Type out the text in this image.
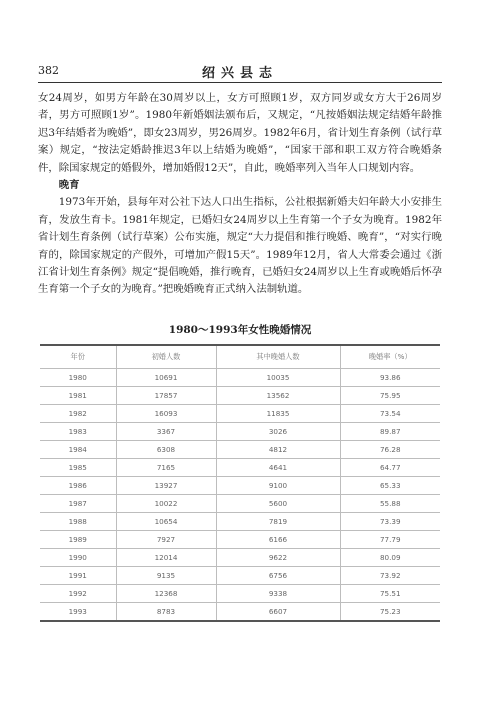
382	绍兴县志

女24周岁，如男方年龄在30周岁以上，女方可照顾1岁，双方同岁或女方大于26周岁者，男方可照顾1岁”。1980年新婚姻法颁布后，又规定，“凡按婚姻法规定结婚年龄推迟3年结婚者为晚婚”，即女23周岁，男26周岁。1982年6月，省计划生育条例（试行草案）规定，“按法定婚龄推迟3年以上结婚为晚婚”，“国家干部和职工双方符合晚婚条件，除国家规定的婚假外，增加婚假12天”，自此，晚婚率列入当年人口规划内容。

晚育

1973年开始，县每年对公社下达人口出生指标，公社根据新婚夫妇年龄大小安排生育，发放生育卡。1981年规定，已婚妇女24周岁以上生育第一个子女为晚育。1982年省计划生育条例（试行草案）公布实施，规定“大力提倡和推行晚婚、晚育”，“对实行晚育的，除国家规定的产假外，可增加产假15天”。1989年12月，省人大常委会通过《浙江省计划生育条例》规定“提倡晚婚，推行晚育，已婚妇女24周岁以上生育或晚婚后怀孕生育第一个子女的为晚育。”把晚婚晚育正式纳入法制轨道。

1980～1993年女性晚婚情况
年份	初婚人数	其中晚婚人数	晚婚率（%）
1980	10691	10035	93.86
1981	17857	13562	75.95
1982	16093	11835	73.54
1983	3367	3026	89.87
1984	6308	4812	76.28
1985	7165	4641	64.77
1986	13927	9100	65.33
1987	10022	5600	55.88
1988	10654	7819	73.39
1989	7927	6166	77.79
1990	12014	9622	80.09
1991	9135	6756	73.92
1992	12368	9338	75.51
1993	8783	6607	75.23
